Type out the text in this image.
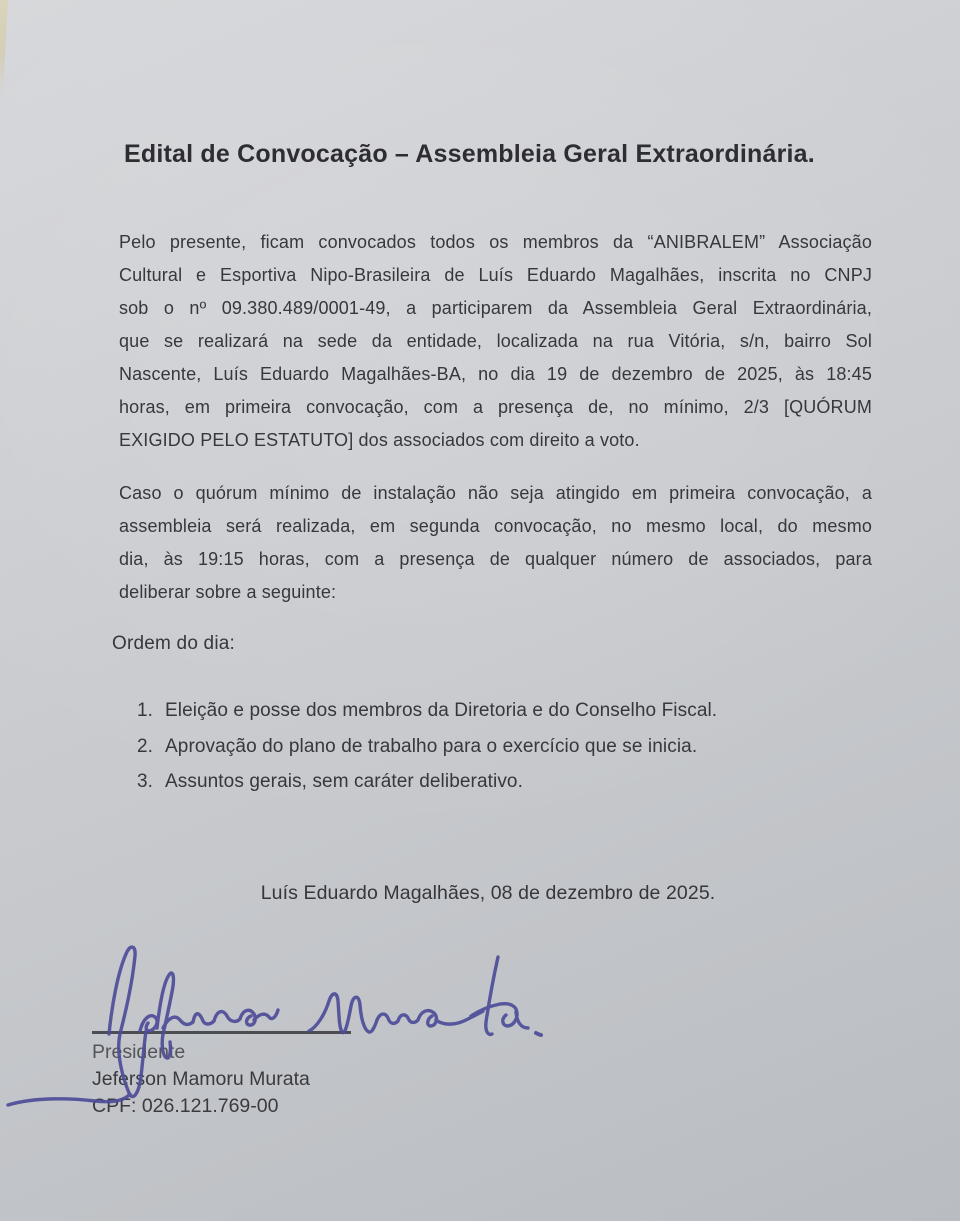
Edital de Convocação – Assembleia Geral Extraordinária.
Pelo presente, ficam convocados todos os membros da “ANIBRALEM” Associação
Cultural e Esportiva Nipo-Brasileira de Luís Eduardo Magalhães, inscrita no CNPJ
sob o nº 09.380.489/0001-49, a participarem da Assembleia Geral Extraordinária,
que se realizará na sede da entidade, localizada na rua Vitória, s/n, bairro Sol
Nascente, Luís Eduardo Magalhães-BA, no dia 19 de dezembro de 2025, às 18:45
horas, em primeira convocação, com a presença de, no mínimo, 2/3 [QUÓRUM
EXIGIDO PELO ESTATUTO] dos associados com direito a voto.
Caso o quórum mínimo de instalação não seja atingido em primeira convocação, a
assembleia será realizada, em segunda convocação, no mesmo local, do mesmo
dia, às 19:15 horas, com a presença de qualquer número de associados, para
deliberar sobre a seguinte:
Ordem do dia:
1. Eleição e posse dos membros da Diretoria e do Conselho Fiscal.
2. Aprovação do plano de trabalho para o exercício que se inicia.
3. Assuntos gerais, sem caráter deliberativo.
Luís Eduardo Magalhães, 08 de dezembro de 2025.
Presidente
Jeferson Mamoru Murata
CPF: 026.121.769-00
